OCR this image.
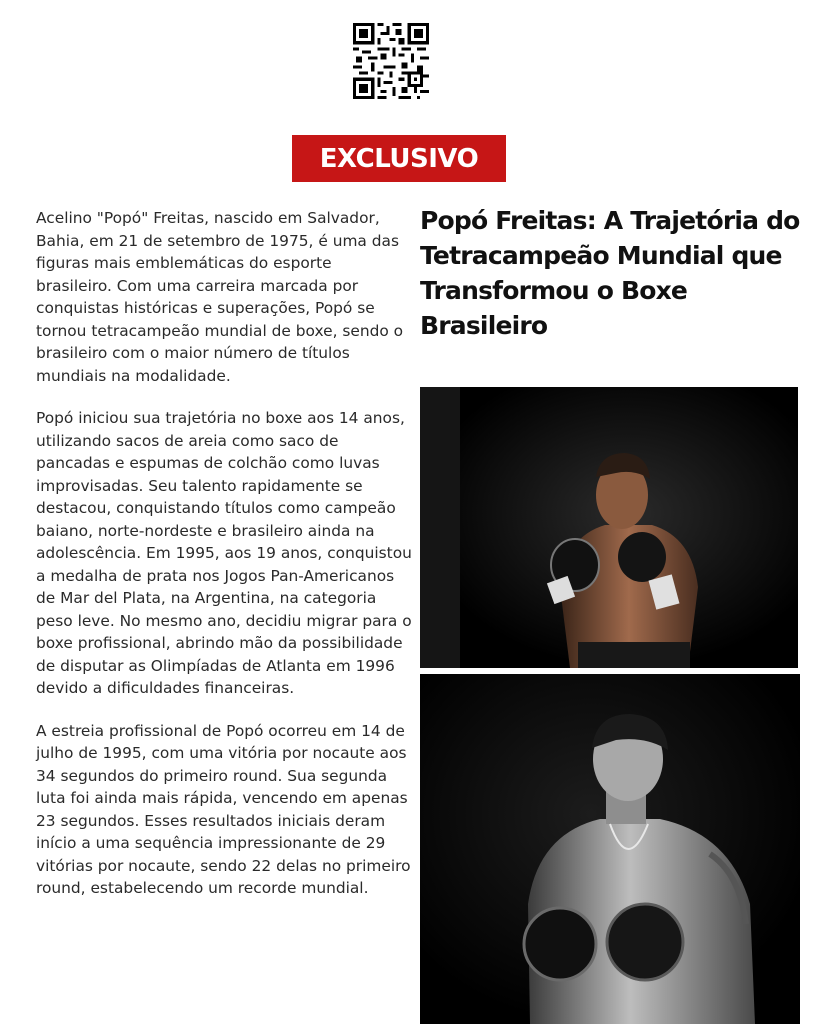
EXCLUSIVO

Acelino "Popó" Freitas, nascido em Salvador, Bahia, em 21 de setembro de 1975, é uma das figuras mais emblemáticas do esporte brasileiro. Com uma carreira marcada por conquistas históricas e superações, Popó se tornou tetracampeão mundial de boxe, sendo o brasileiro com o maior número de títulos mundiais na modalidade.

Popó iniciou sua trajetória no boxe aos 14 anos, utilizando sacos de areia como saco de pancadas e espumas de colchão como luvas improvisadas. Seu talento rapidamente se destacou, conquistando títulos como campeão baiano, norte-nordeste e brasileiro ainda na adolescência. Em 1995, aos 19 anos, conquistou a medalha de prata nos Jogos Pan-Americanos de Mar del Plata, na Argentina, na categoria peso leve. No mesmo ano, decidiu migrar para o boxe profissional, abrindo mão da possibilidade de disputar as Olimpíadas de Atlanta em 1996 devido a dificuldades financeiras.

A estreia profissional de Popó ocorreu em 14 de julho de 1995, com uma vitória por nocaute aos 34 segundos do primeiro round. Sua segunda luta foi ainda mais rápida, vencendo em apenas 23 segundos. Esses resultados iniciais deram início a uma sequência impressionante de 29 vitórias por nocaute, sendo 22 delas no primeiro round, estabelecendo um recorde mundial.

Popó Freitas: A Trajetória do Tetracampeão Mundial que Transformou o Boxe Brasileiro
